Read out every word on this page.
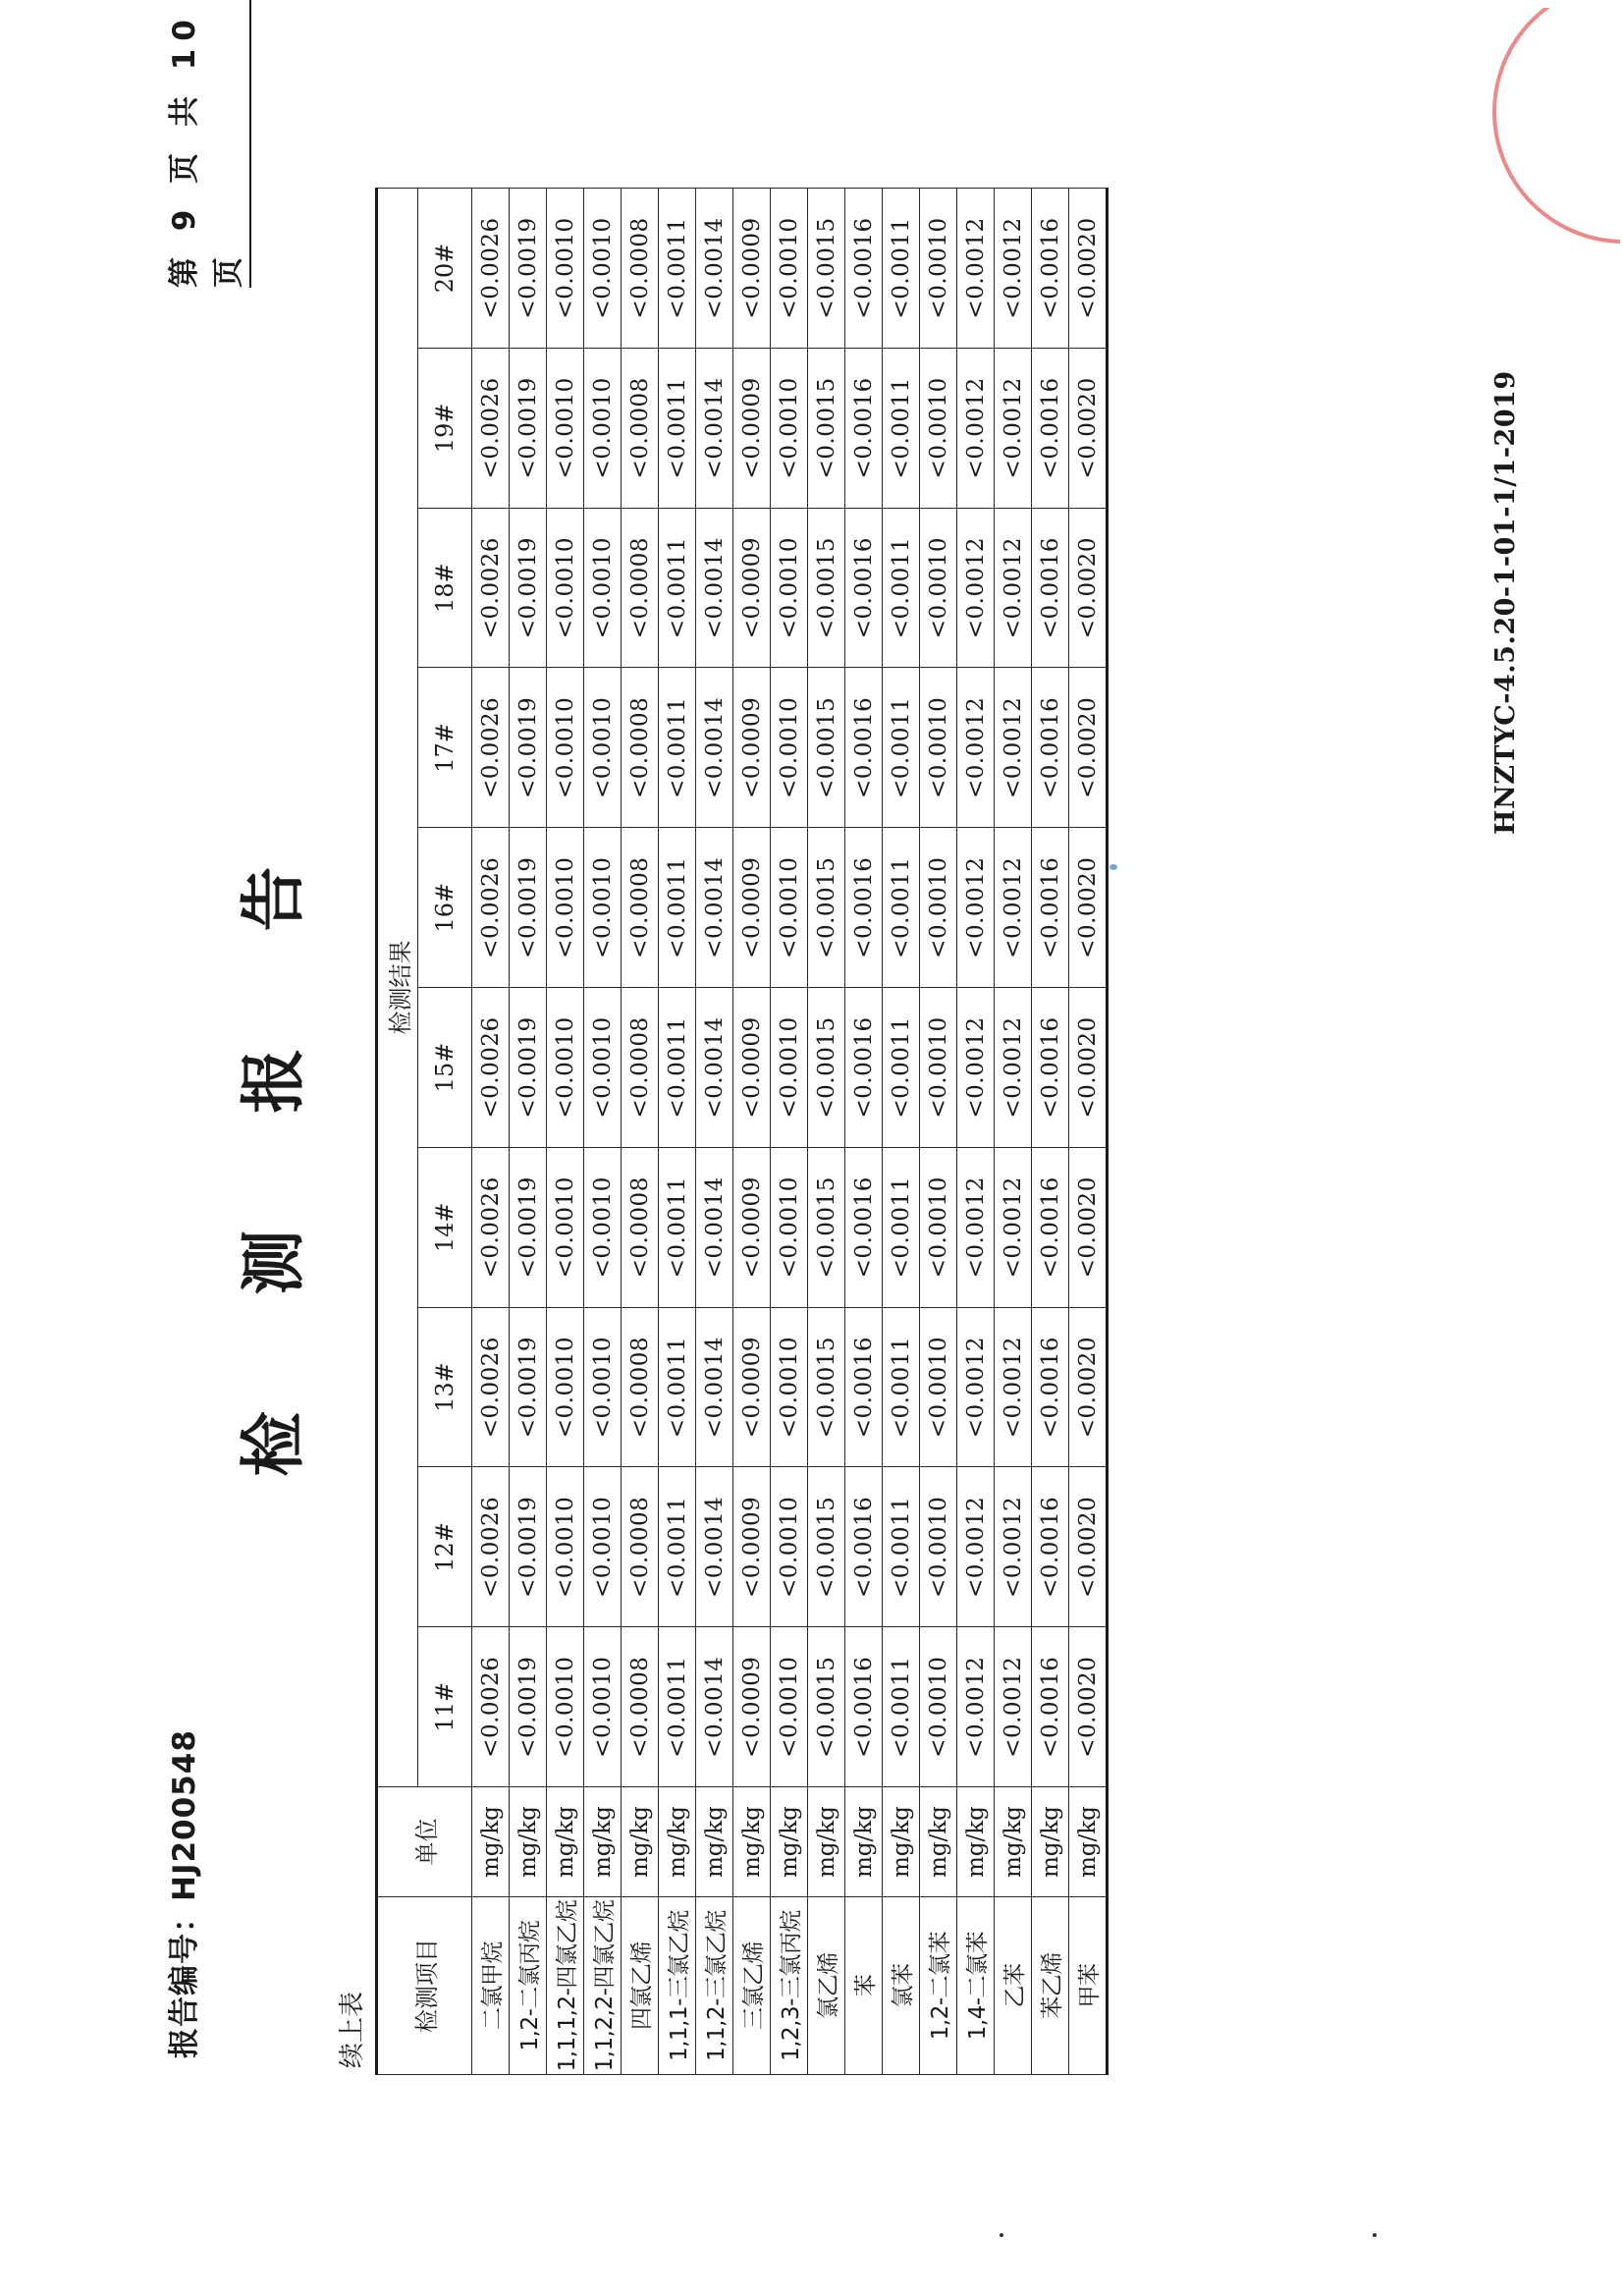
报告编号：HJ200548
第 9 页 共 10 页
检 测 报 告
续上表 检测项目	单位	检测结果									
		11#	12#	13#	14#	15#	16#	17#	18#	19#	20#
二氯甲烷	mg/kg	<0.0026	<0.0026	<0.0026	<0.0026	<0.0026	<0.0026	<0.0026	<0.0026	<0.0026	<0.0026
1,2-二氯丙烷	mg/kg	<0.0019	<0.0019	<0.0019	<0.0019	<0.0019	<0.0019	<0.0019	<0.0019	<0.0019	<0.0019
1,1,1,2-四氯乙烷	mg/kg	<0.0010	<0.0010	<0.0010	<0.0010	<0.0010	<0.0010	<0.0010	<0.0010	<0.0010	<0.0010
1,1,2,2-四氯乙烷	mg/kg	<0.0010	<0.0010	<0.0010	<0.0010	<0.0010	<0.0010	<0.0010	<0.0010	<0.0010	<0.0010
四氯乙烯	mg/kg	<0.0008	<0.0008	<0.0008	<0.0008	<0.0008	<0.0008	<0.0008	<0.0008	<0.0008	<0.0008
1,1,1-三氯乙烷	mg/kg	<0.0011	<0.0011	<0.0011	<0.0011	<0.0011	<0.0011	<0.0011	<0.0011	<0.0011	<0.0011
1,1,2-三氯乙烷	mg/kg	<0.0014	<0.0014	<0.0014	<0.0014	<0.0014	<0.0014	<0.0014	<0.0014	<0.0014	<0.0014
三氯乙烯	mg/kg	<0.0009	<0.0009	<0.0009	<0.0009	<0.0009	<0.0009	<0.0009	<0.0009	<0.0009	<0.0009
1,2,3-三氯丙烷	mg/kg	<0.0010	<0.0010	<0.0010	<0.0010	<0.0010	<0.0010	<0.0010	<0.0010	<0.0010	<0.0010
氯乙烯	mg/kg	<0.0015	<0.0015	<0.0015	<0.0015	<0.0015	<0.0015	<0.0015	<0.0015	<0.0015	<0.0015
苯	mg/kg	<0.0016	<0.0016	<0.0016	<0.0016	<0.0016	<0.0016	<0.0016	<0.0016	<0.0016	<0.0016
氯苯	mg/kg	<0.0011	<0.0011	<0.0011	<0.0011	<0.0011	<0.0011	<0.0011	<0.0011	<0.0011	<0.0011
1,2-二氯苯	mg/kg	<0.0010	<0.0010	<0.0010	<0.0010	<0.0010	<0.0010	<0.0010	<0.0010	<0.0010	<0.0010
1,4-二氯苯	mg/kg	<0.0012	<0.0012	<0.0012	<0.0012	<0.0012	<0.0012	<0.0012	<0.0012	<0.0012	<0.0012
乙苯	mg/kg	<0.0012	<0.0012	<0.0012	<0.0012	<0.0012	<0.0012	<0.0012	<0.0012	<0.0012	<0.0012
苯乙烯	mg/kg	<0.0016	<0.0016	<0.0016	<0.0016	<0.0016	<0.0016	<0.0016	<0.0016	<0.0016	<0.0016
甲苯	mg/kg	<0.0020	<0.0020	<0.0020	<0.0020	<0.0020	<0.0020	<0.0020	<0.0020	<0.0020	<0.0020
HNZTYC-4.5.20-1-01-1/1-2019
